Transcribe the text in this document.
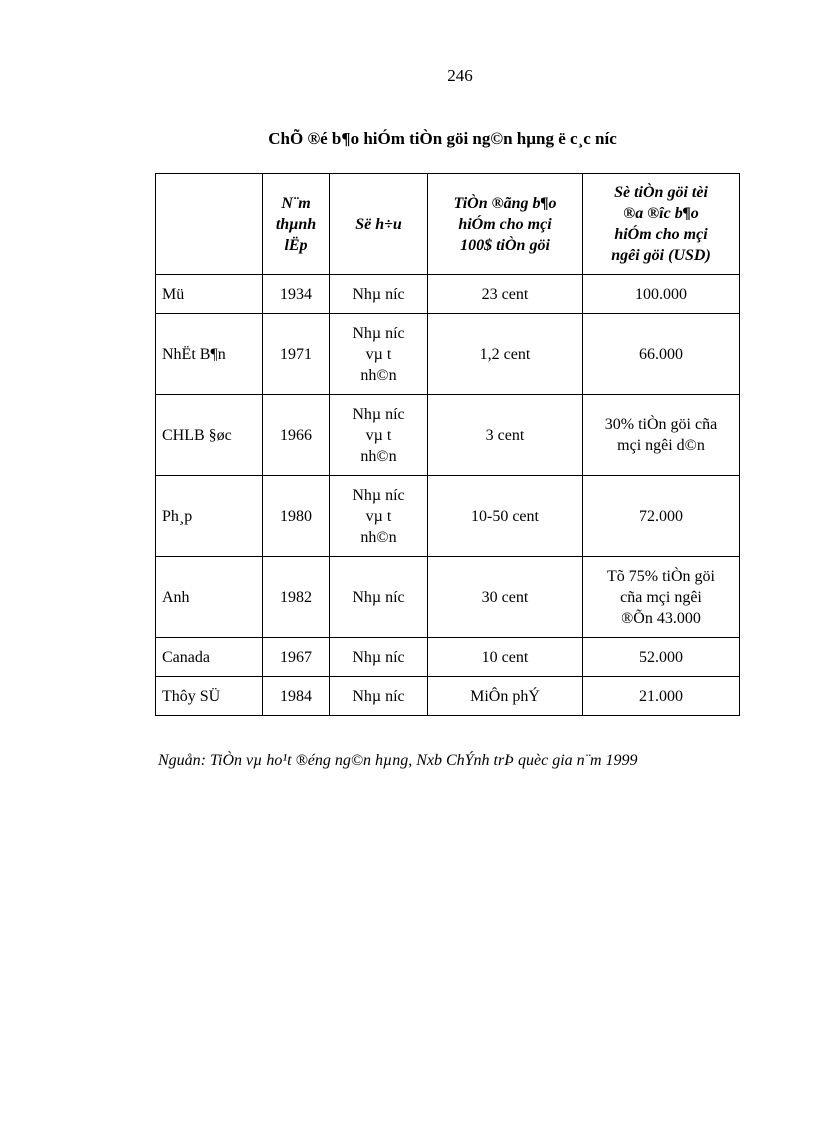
246
ChÕ ®é b¶o hiÓm tiÒn göi ng©n hµng ë c¸c níc

	N¨m
thµnh
lËp	Së h÷u	TiÒn ®ãng b¶o
hiÓm cho mçi
100$ tiÒn göi	Sè tiÒn göi tèi
®a ®îc b¶o
hiÓm cho mçi
ngêi göi (USD)

Mü	1934	Nhµ níc	23 cent	100.000

NhËt B¶n	1971	Nhµ níc
vµ t
nh©n	1,2 cent	66.000

CHLB §øc	1966	Nhµ níc
vµ t
nh©n	3 cent	30% tiÒn göi cña
mçi ngêi d©n

Ph¸p	1980	Nhµ níc
vµ t
nh©n	10-50 cent	72.000

Anh	1982	Nhµ níc	30 cent	Tõ 75% tiÒn göi
cña mçi ngêi
®Õn 43.000

Canada	1967	Nhµ níc	10 cent	52.000

Thôy SÜ	1984	Nhµ níc	MiÔn phÝ	21.000
Nguån: TiÒn vµ ho¹t ®éng ng©n hµng, Nxb ChÝnh trÞ quèc gia n¨m 1999
